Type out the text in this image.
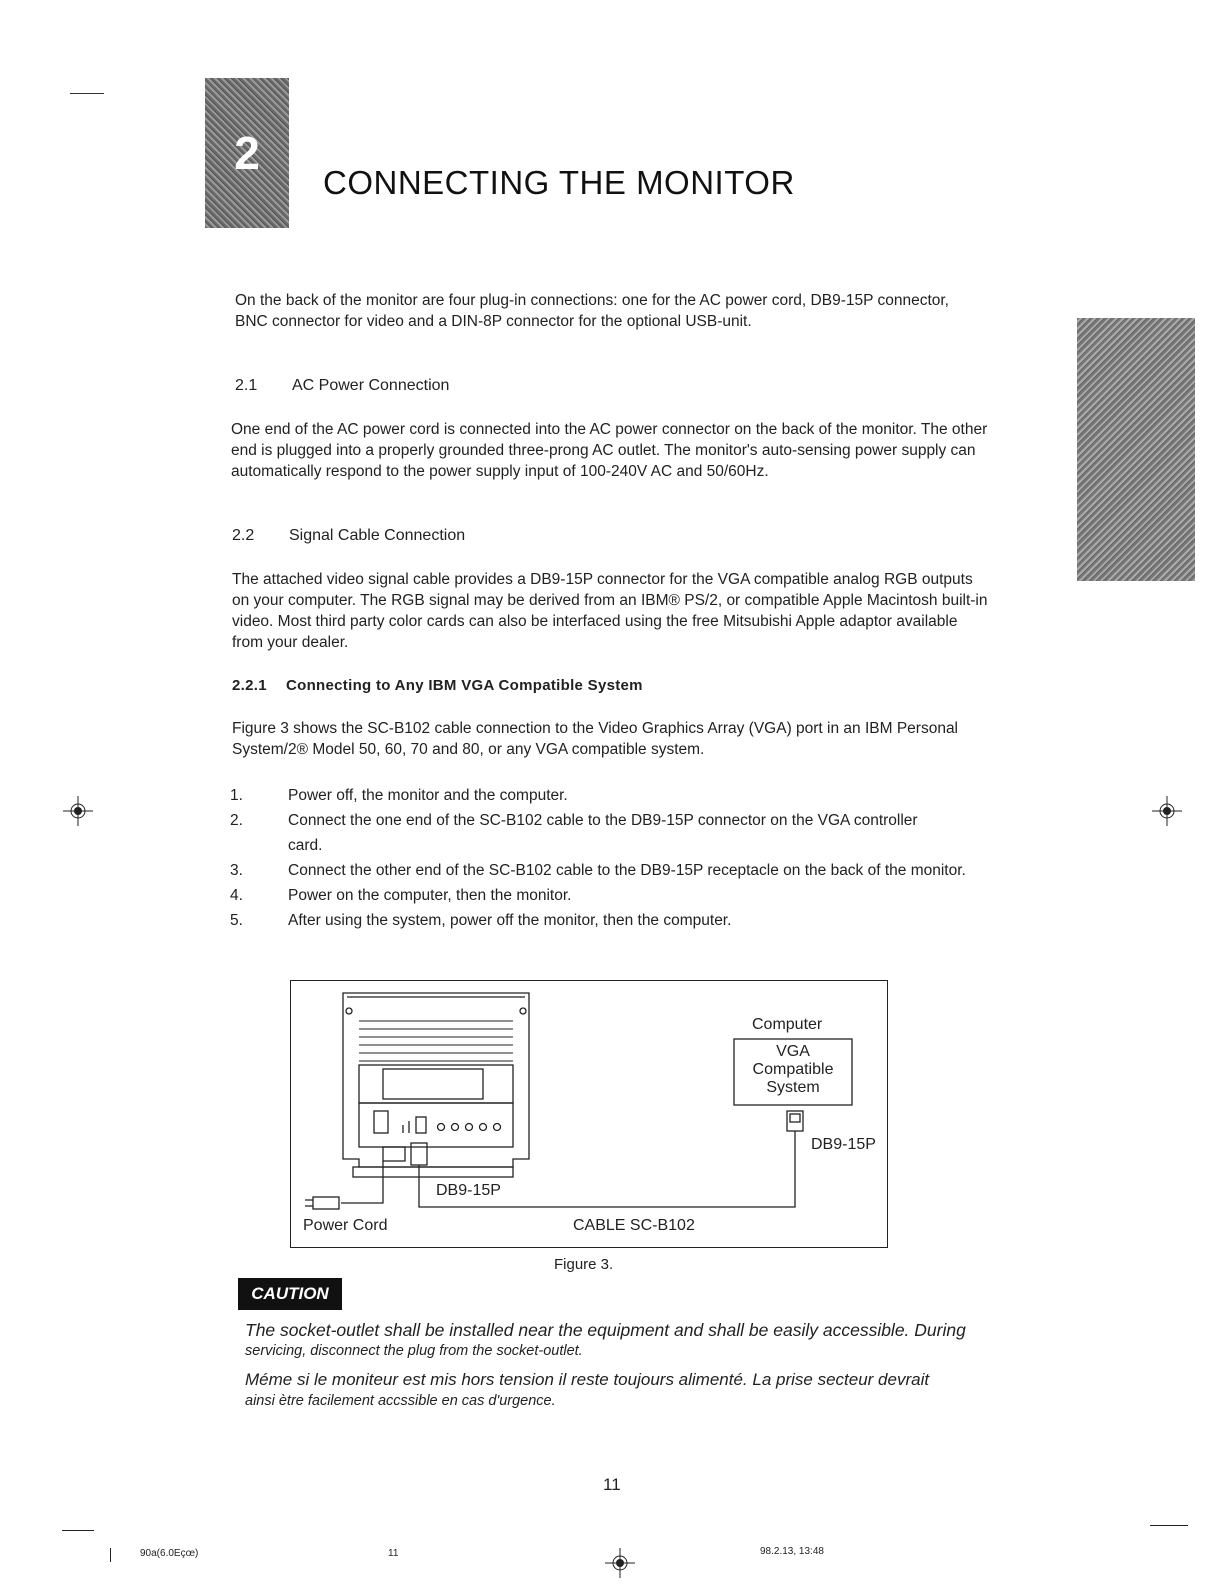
2
CONNECTING THE MONITOR
On the back of the monitor are four plug-in connections: one for the AC power cord, DB9-15P connector, BNC connector for video and a DIN-8P connector for the optional USB-unit.
2.1 AC Power Connection
One end of the AC power cord is connected into the AC power connector on the back of the monitor. The other end is plugged into a properly grounded three-prong AC outlet. The monitor's auto-sensing power supply can automatically respond to the power supply input of 100-240V AC and 50/60Hz.
2.2 Signal Cable Connection
The attached video signal cable provides a DB9-15P connector for the VGA compatible analog RGB outputs on your computer. The RGB signal may be derived from an IBM® PS/2, or compatible Apple Macintosh built-in video. Most third party color cards can also be interfaced using the free Mitsubishi Apple adaptor available from your dealer.
2.2.1 Connecting to Any IBM VGA Compatible System
Figure 3 shows the SC-B102 cable connection to the Video Graphics Array (VGA) port in an IBM Personal System/2® Model 50, 60, 70 and 80, or any VGA compatible system.
1.	Power off, the monitor and the computer.
2.	Connect the one end of the SC-B102 cable to the DB9-15P connector on the VGA controller card.
3.	Connect the other end of the SC-B102 cable to the DB9-15P receptacle on the back of the monitor.
4.	Power on the computer, then the monitor.
5.	After using the system, power off the monitor, then the computer.
Computer
VGA
Compatible
System
DB9-15P
DB9-15P
Power Cord	CABLE SC-B102
Figure 3.
CAUTION
The socket-outlet shall be installed near the equipment and shall be easily accessible. During
servicing, disconnect the plug from the socket-outlet.
Méme si le moniteur est mis hors tension il reste toujours alimenté. La prise secteur devrait
ainsi ètre facilement accssible en cas d'urgence.
11
90a(6.0Eçœ)	11	98.2.13, 13:48
